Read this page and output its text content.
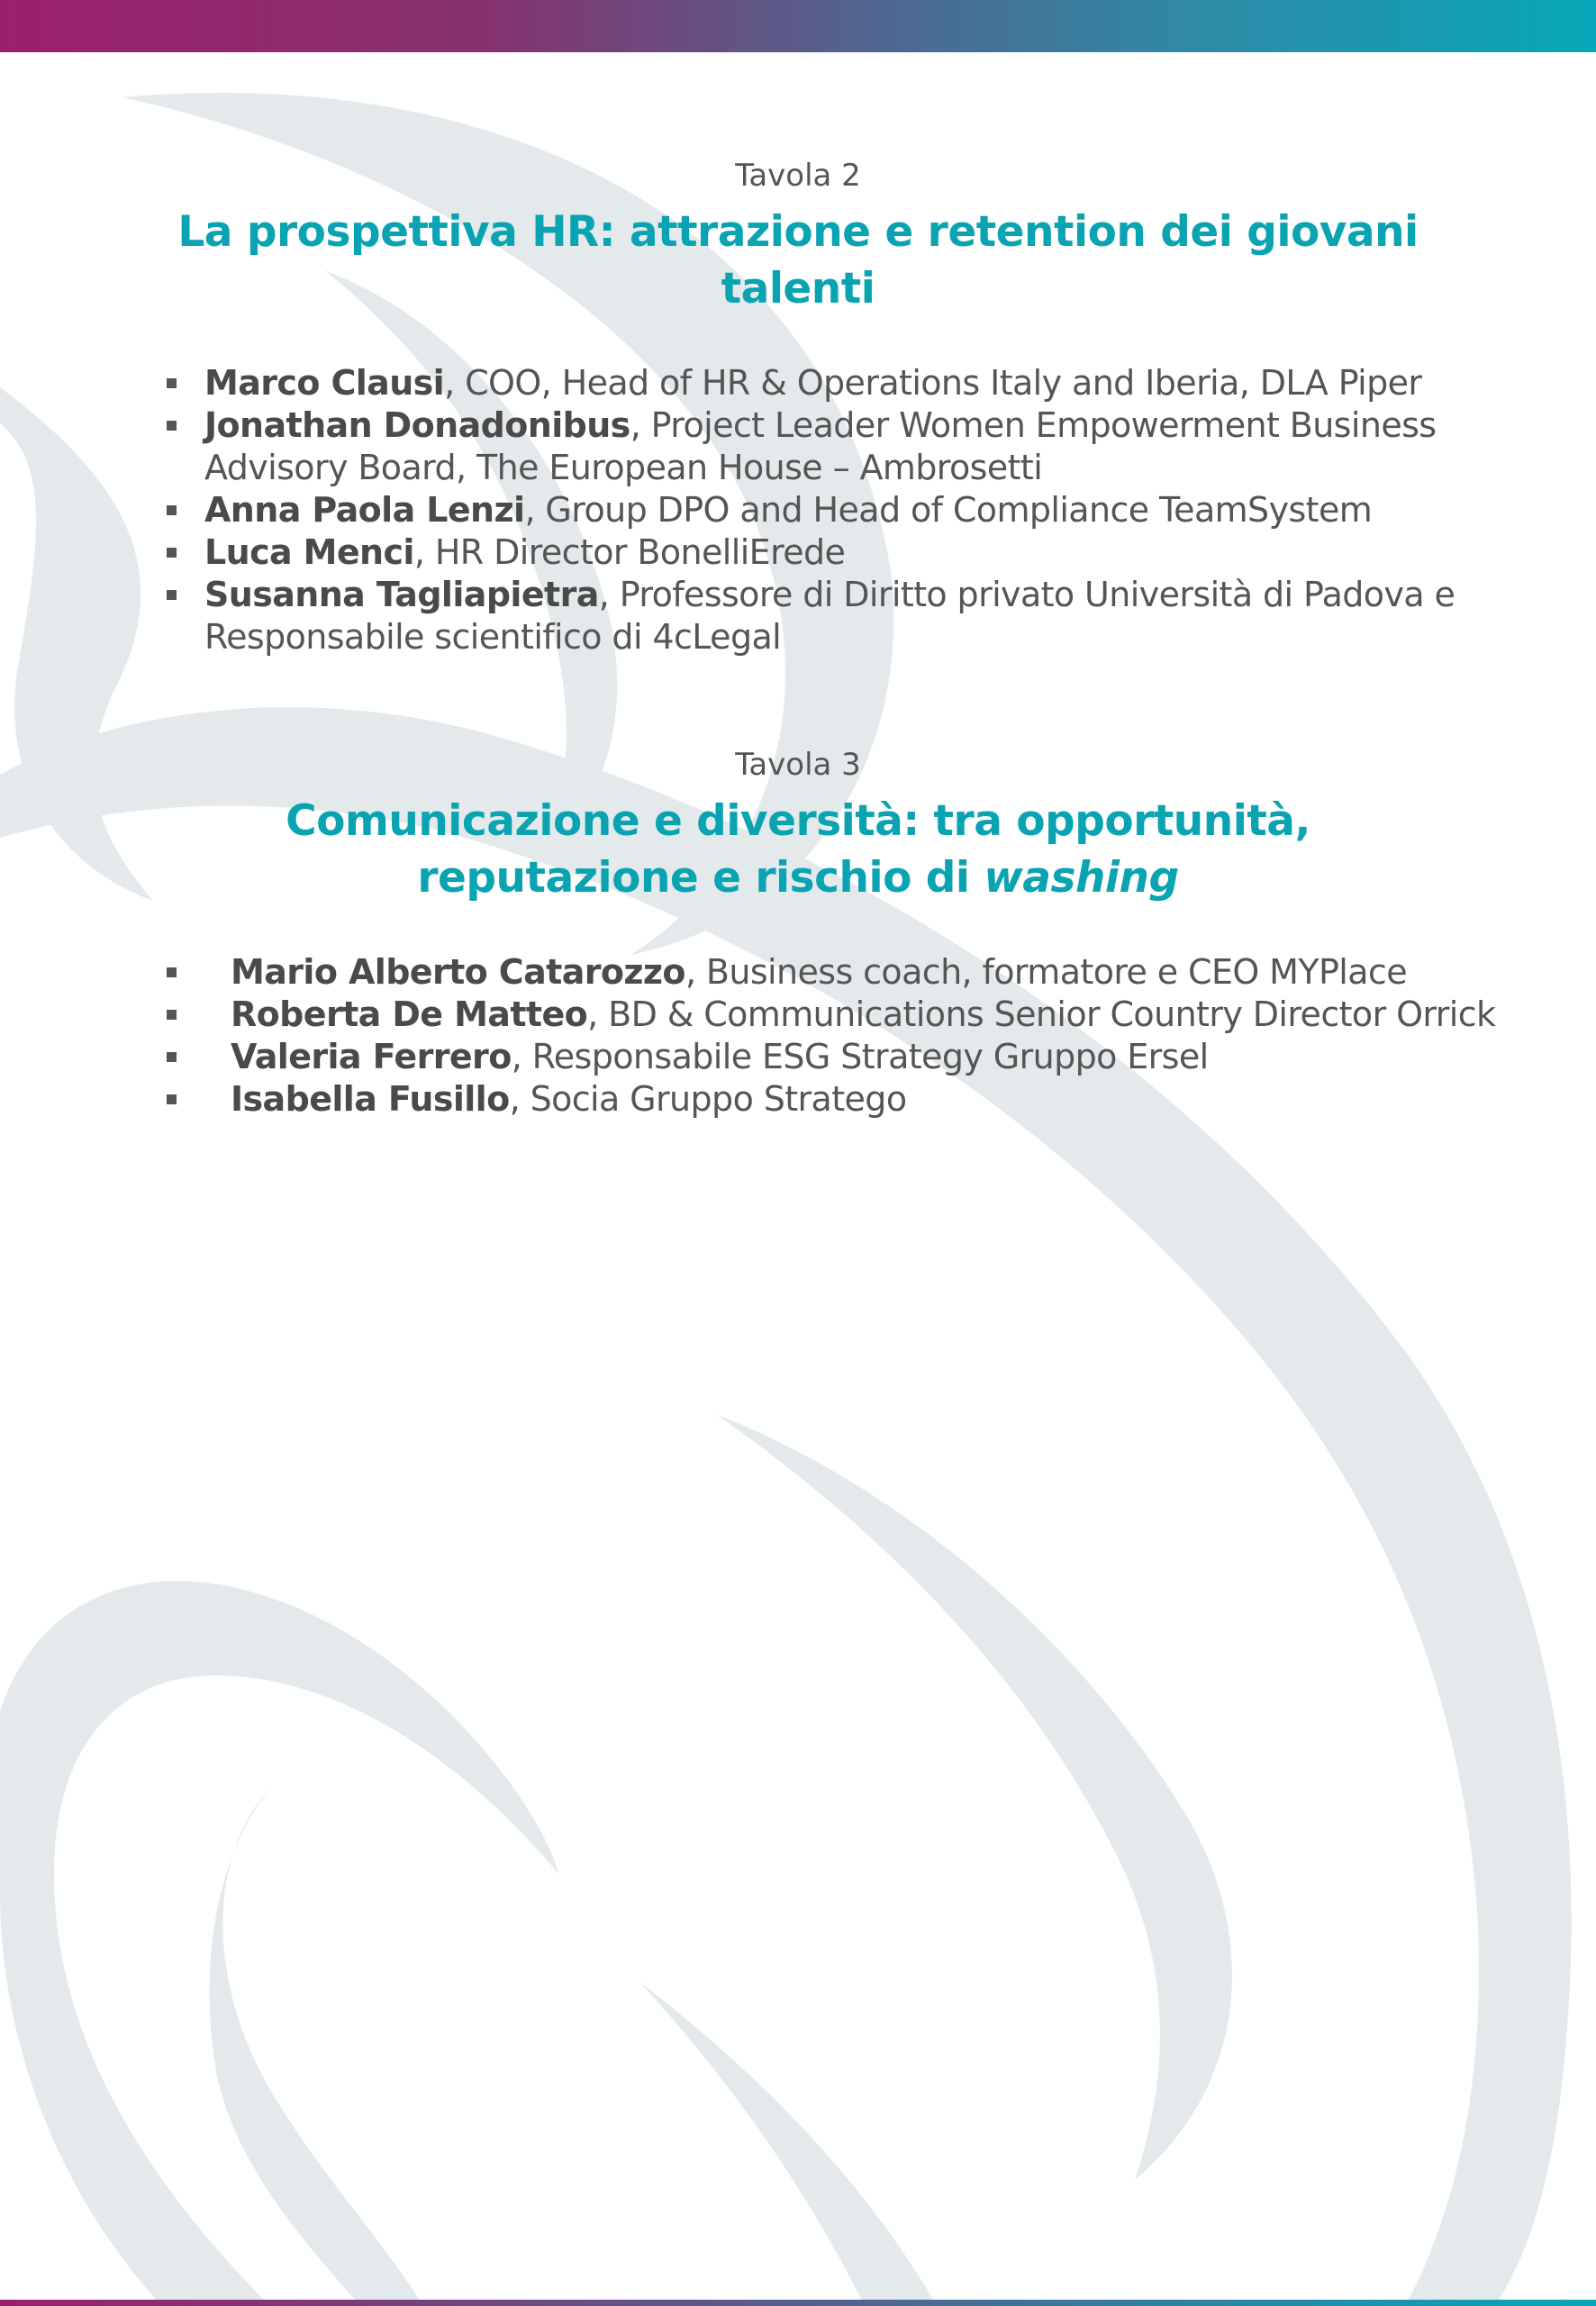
Tavola 2

La prospettiva HR: attrazione e retention dei giovani talenti
Marco Clausi, COO, Head of HR & Operations Italy and Iberia, DLA Piper
Jonathan Donadonibus, Project Leader Women Empowerment Business Advisory Board, The European House – Ambrosetti
Anna Paola Lenzi, Group DPO and Head of Compliance TeamSystem
Luca Menci, HR Director BonelliErede
Susanna Tagliapietra, Professore di Diritto privato Università di Padova e Responsabile scientifico di 4cLegal

Tavola 3

Comunicazione e diversità: tra opportunità, reputazione e rischio di washing
Mario Alberto Catarozzo, Business coach, formatore e CEO MYPlace
Roberta De Matteo, BD & Communications Senior Country Director Orrick
Valeria Ferrero, Responsabile ESG Strategy Gruppo Ersel
Isabella Fusillo, Socia Gruppo Stratego
